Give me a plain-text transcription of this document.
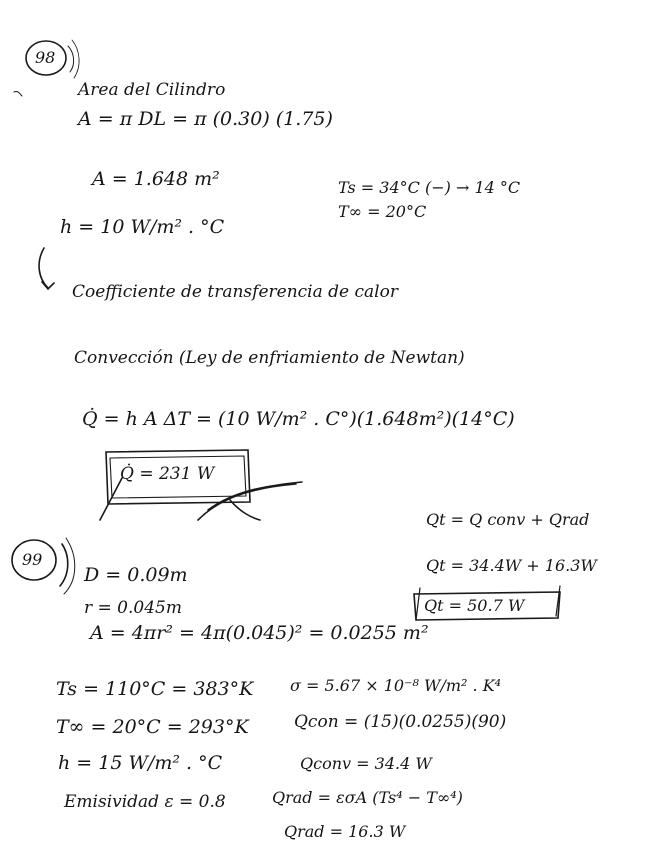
98
Area del Cilindro
A = π DL = π (0.30) (1.75)
A = 1.648 m²	Ts = 34°C (−) → 14 °C
T∞ = 20°C
h = 10 W/m² . °C
Coefficiente de transferencia de calor
Convección (Ley de enfriamiento de Newtan)
Q̇ = h A ΔT = (10 W/m² . C°)(1.648m²)(14°C)
Q̇ = 231 W
99
Qt = Q conv + Qrad
Qt = 34.4W + 16.3W
Qt = 50.7 W
D = 0.09m
r = 0.045m
A = 4πr² = 4π(0.045)² = 0.0255 m²
Ts = 110°C = 383°K σ = 5.67 × 10⁻⁸ W/m² . K⁴
T∞ = 20°C = 293°K	Qcon = (15)(0.0255)(90)
h = 15 W/m² . °C	Qconv = 34.4 W
Emisividad ε = 0.8	Qrad = εσA (Ts⁴ − T∞⁴)
Qrad = 16.3 W
